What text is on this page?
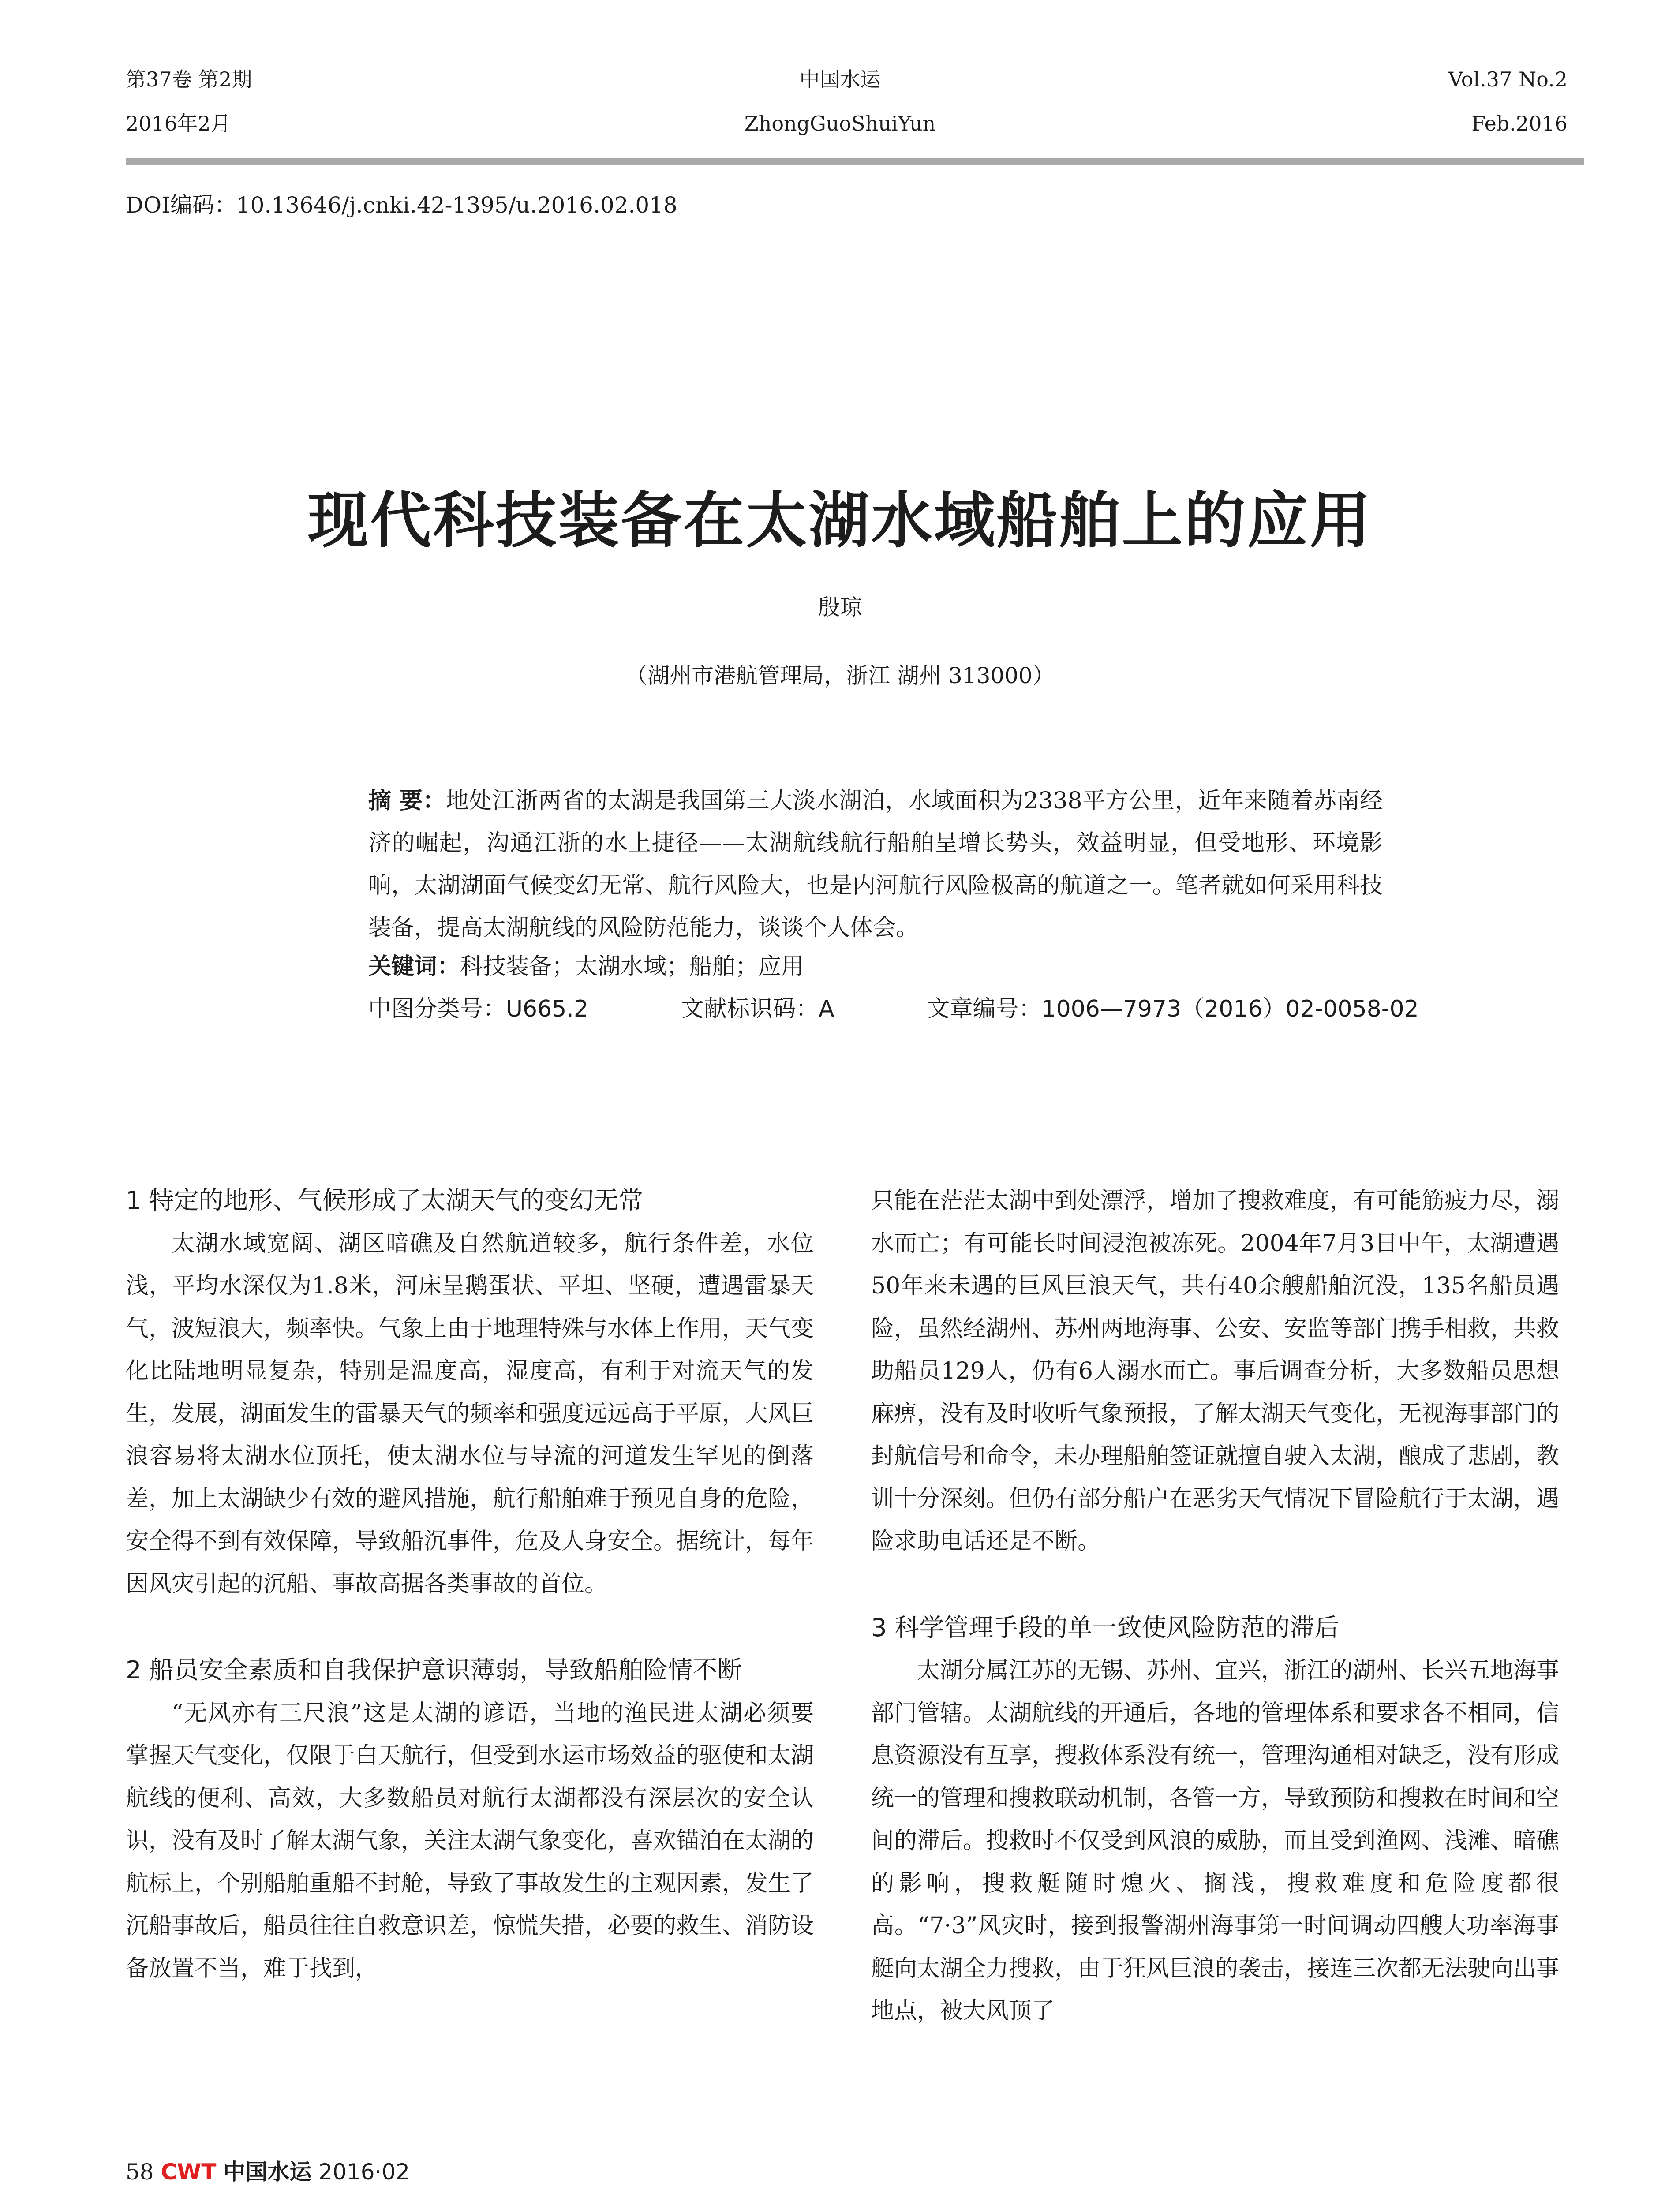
第37卷 第2期
2016年2月
中国水运
ZhongGuoShuiYun
Vol.37 No.2
Feb.2016
DOI编码：10.13646/j.cnki.42-1395/u.2016.02.018
现代科技装备在太湖水域船舶上的应用
殷琼
（湖州市港航管理局，浙江 湖州 313000）
摘 要：地处江浙两省的太湖是我国第三大淡水湖泊，水域面积为2338平方公里，近年来随着苏南经济的崛起，沟通江浙的水上捷径——太湖航线航行船舶呈增长势头，效益明显，但受地形、环境影响，太湖湖面气候变幻无常、航行风险大，也是内河航行风险极高的航道之一。笔者就如何采用科技装备，提高太湖航线的风险防范能力，谈谈个人体会。
关键词：科技装备；太湖水域；船舶；应用
中图分类号：U665.2	文献标识码：A	文章编号：1006—7973（2016）02-0058-02
1 特定的地形、气候形成了太湖天气的变幻无常

太湖水域宽阔、湖区暗礁及自然航道较多，航行条件差，水位浅，平均水深仅为1.8米，河床呈鹅蛋状、平坦、坚硬，遭遇雷暴天气，波短浪大，频率快。气象上由于地理特殊与水体上作用，天气变化比陆地明显复杂，特别是温度高，湿度高，有利于对流天气的发生，发展，湖面发生的雷暴天气的频率和强度远远高于平原，大风巨浪容易将太湖水位顶托，使太湖水位与导流的河道发生罕见的倒落差，加上太湖缺少有效的避风措施，航行船舶难于预见自身的危险，安全得不到有效保障，导致船沉事件，危及人身安全。据统计，每年因风灾引起的沉船、事故高据各类事故的首位。

2 船员安全素质和自我保护意识薄弱，导致船舶险情不断

“无风亦有三尺浪”这是太湖的谚语，当地的渔民进太湖必须要掌握天气变化，仅限于白天航行，但受到水运市场效益的驱使和太湖航线的便利、高效，大多数船员对航行太湖都没有深层次的安全认识，没有及时了解太湖气象，关注太湖气象变化，喜欢锚泊在太湖的航标上，个别船舶重船不封舱，导致了事故发生的主观因素，发生了沉船事故后，船员往往自救意识差，惊慌失措，必要的救生、消防设备放置不当，难于找到，

只能在茫茫太湖中到处漂浮，增加了搜救难度，有可能筋疲力尽，溺水而亡；有可能长时间浸泡被冻死。2004年7月3日中午，太湖遭遇50年来未遇的巨风巨浪天气，共有40余艘船舶沉没，135名船员遇险，虽然经湖州、苏州两地海事、公安、安监等部门携手相救，共救助船员129人，仍有6人溺水而亡。事后调查分析，大多数船员思想麻痹，没有及时收听气象预报，了解太湖天气变化，无视海事部门的封航信号和命令，未办理船舶签证就擅自驶入太湖，酿成了悲剧，教训十分深刻。但仍有部分船户在恶劣天气情况下冒险航行于太湖，遇险求助电话还是不断。

3 科学管理手段的单一致使风险防范的滞后

太湖分属江苏的无锡、苏州、宜兴，浙江的湖州、长兴五地海事部门管辖。太湖航线的开通后，各地的管理体系和要求各不相同，信息资源没有互享，搜救体系没有统一，管理沟通相对缺乏，没有形成统一的管理和搜救联动机制，各管一方，导致预防和搜救在时间和空间的滞后。搜救时不仅受到风浪的威胁，而且受到渔网、浅滩、暗礁的影响，搜救艇随时熄火、搁浅，搜救难度和危险度都很高。“7·3”风灾时，接到报警湖州海事第一时间调动四艘大功率海事艇向太湖全力搜救，由于狂风巨浪的袭击，接连三次都无法驶向出事地点，被大风顶了

58 CWT 中国水运 2016·02
